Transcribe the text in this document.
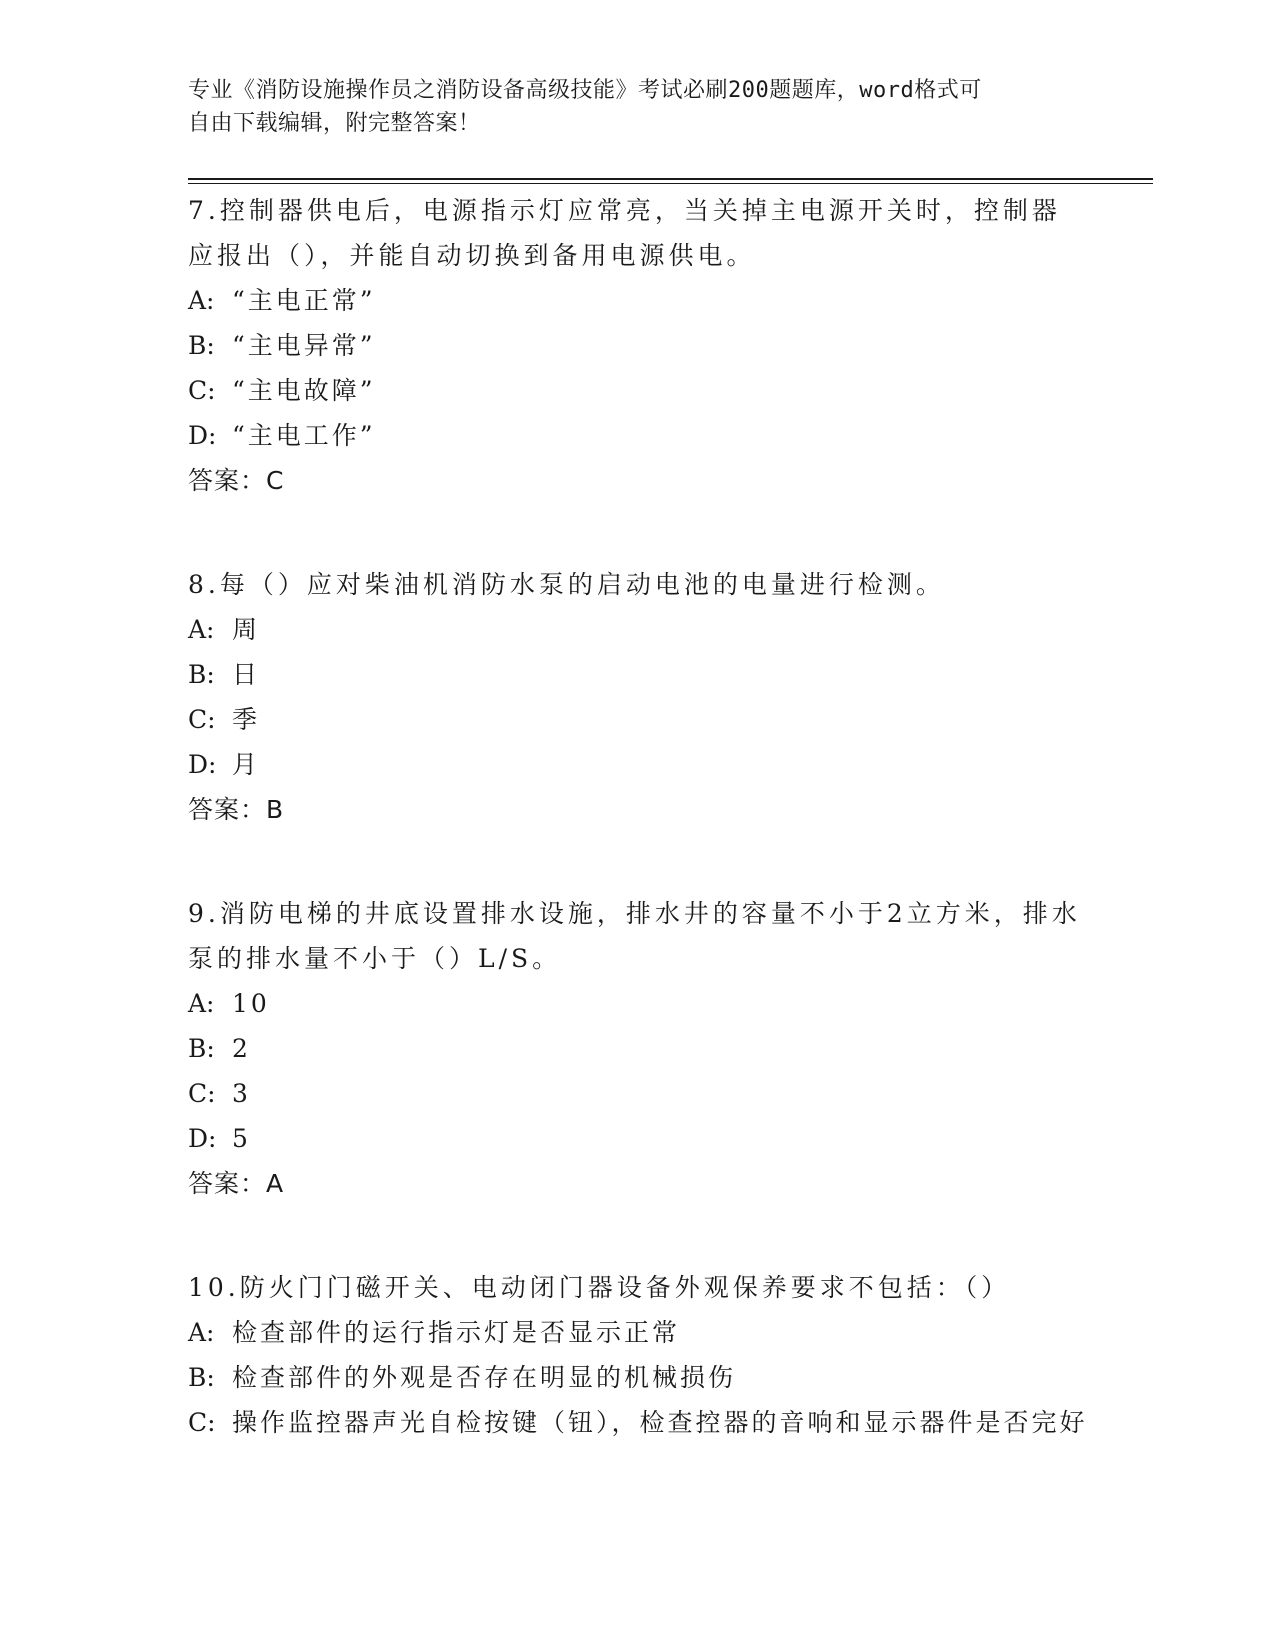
专业《消防设施操作员之消防设备高级技能》考试必刷200题题库，word格式可
自由下载编辑，附完整答案！
7.控制器供电后，电源指示灯应常亮，当关掉主电源开关时，控制器应报出（），并能自动切换到备用电源供电。
A: “主电正常”
B: “主电异常”
C: “主电故障”
D: “主电工作”
答案：C
8.每（）应对柴油机消防水泵的启动电池的电量进行检测。
A: 周
B: 日
C: 季
D: 月
答案：B
9.消防电梯的井底设置排水设施，排水井的容量不小于2立方米，排水泵的排水量不小于（）L/S。
A: 10
B: 2
C: 3
D: 5
答案：A
10.防火门门磁开关、电动闭门器设备外观保养要求不包括：（）
A: 检查部件的运行指示灯是否显示正常
B: 检查部件的外观是否存在明显的机械损伤
C: 操作监控器声光自检按键（钮），检查控器的音响和显示器件是否完好
